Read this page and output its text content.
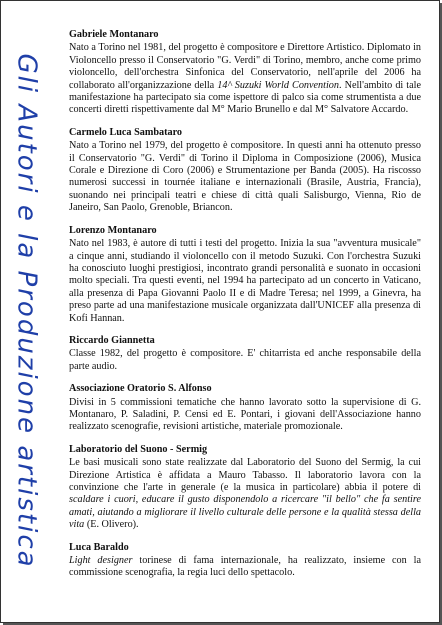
Gli Autori e la Produzione artistica
Gabriele Montanaro
Nato a Torino nel 1981, del progetto è compositore e Direttore Artistico. Diplomato in Violoncello presso il Conservatorio "G. Verdi" di Torino, membro, anche come primo violoncello, dell'orchestra Sinfonica del Conservatorio, nell'aprile del 2006 ha collaborato all'organizzazione della 14^ Suzuki World Convention. Nell'ambito di tale manifestazione ha partecipato sia come ispettore di palco sia come strumentista a due concerti diretti rispettivamente dal M° Mario Brunello e dal M° Salvatore Accardo.
Carmelo Luca Sambataro
Nato a Torino nel 1979, del progetto è compositore. In questi anni ha ottenuto presso il Conservatorio "G. Verdi" di Torino il Diploma in Composizione (2006), Musica Corale e Direzione di Coro (2006) e Strumentazione per Banda (2005). Ha riscosso numerosi successi in tournée italiane e internazionali (Brasile, Austria, Francia), suonando nei principali teatri e chiese di città quali Salisburgo, Vienna, Rio de Janeiro, San Paolo, Grenoble, Briancon.
Lorenzo Montanaro
Nato nel 1983, è autore di tutti i testi del progetto. Inizia la sua "avventura musicale" a cinque anni, studiando il violoncello con il metodo Suzuki. Con l'orchestra Suzuki ha conosciuto luoghi prestigiosi, incontrato grandi personalità e suonato in occasioni molto speciali. Tra questi eventi, nel 1994 ha partecipato ad un concerto in Vaticano, alla presenza di Papa Giovanni Paolo II e di Madre Teresa; nel 1999, a Ginevra, ha preso parte ad una manifestazione musicale organizzata dall'UNICEF alla presenza di Kofi Hannan.
Riccardo Giannetta
Classe 1982, del progetto è compositore. E' chitarrista ed anche responsabile della parte audio.
Associazione Oratorio S. Alfonso
Divisi in 5 commissioni tematiche che hanno lavorato sotto la supervisione di G. Montanaro, P. Saladini, P. Censi ed E. Pontari, i giovani dell'Associazione hanno realizzato scenografie, revisioni artistiche, materiale promozionale.
Laboratorio del Suono - Sermig
Le basi musicali sono state realizzate dal Laboratorio del Suono del Sermig, la cui Direzione Artistica è affidata a Mauro Tabasso. Il laboratorio lavora con la convinzione che l'arte in generale (e la musica in particolare) abbia il potere di scaldare i cuori, educare il gusto disponendolo a ricercare "il bello" che fa sentire amati, aiutando a migliorare il livello culturale delle persone e la qualità stessa della vita (E. Olivero).
Luca Baraldo
Light designer torinese di fama internazionale, ha realizzato, insieme con la commissione scenografia, la regia luci dello spettacolo.
